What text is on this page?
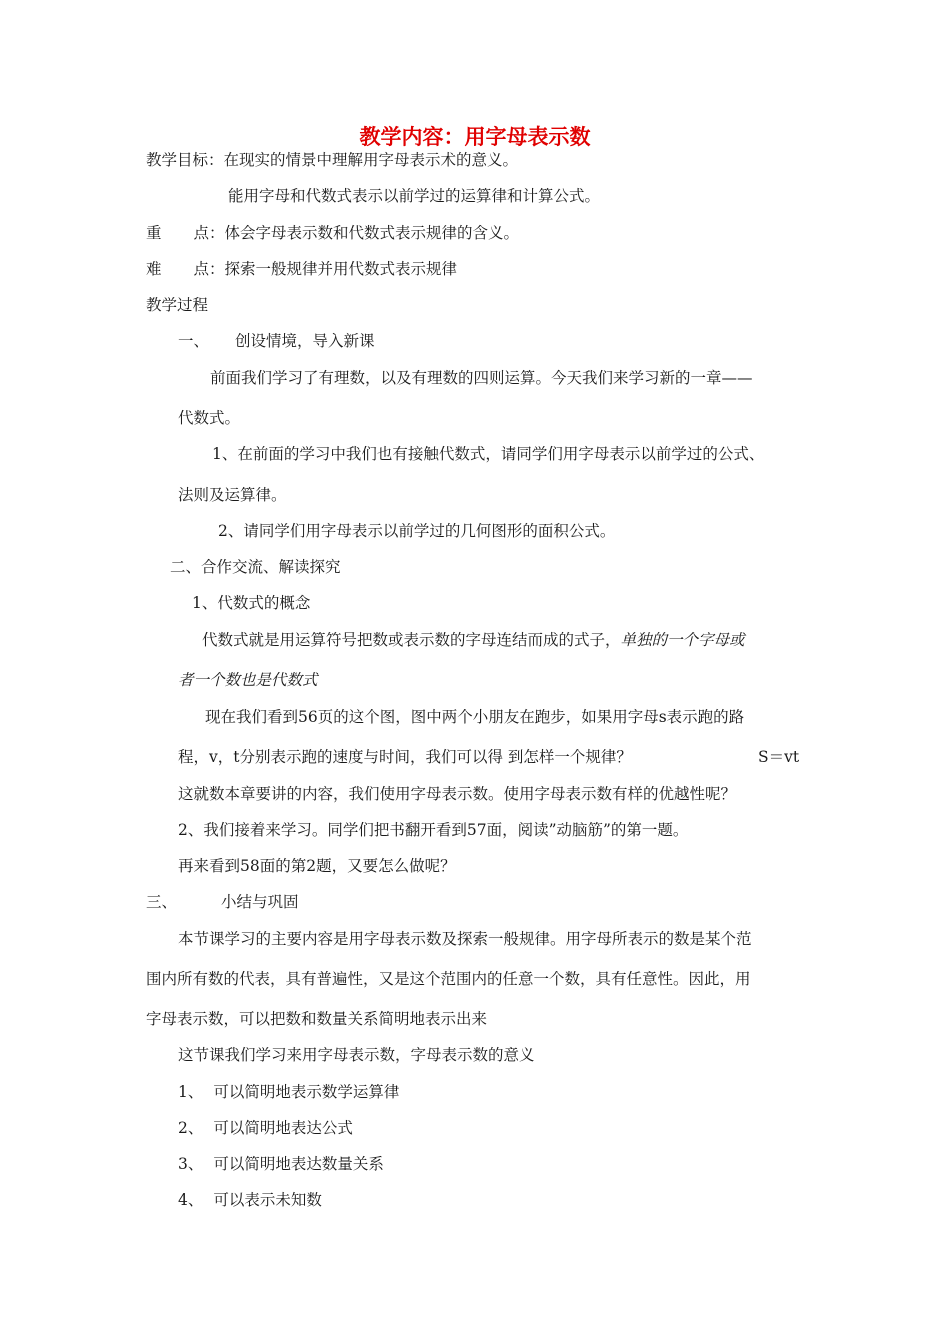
教学内容：用字母表示数
教学目标：在现实的情景中理解用字母表示术的意义。
能用字母和代数式表示以前学过的运算律和计算公式。
重 点：体会字母表示数和代数式表示规律的含义。
难 点：探索一般规律并用代数式表示规律
教学过程
一、 创设情境，导入新课
前面我们学习了有理数，以及有理数的四则运算。今天我们来学习新的一章——
代数式。
1、在前面的学习中我们也有接触代数式，请同学们用字母表示以前学过的公式、
法则及运算律。
2、请同学们用字母表示以前学过的几何图形的面积公式。
二、合作交流、解读探究
1、代数式的概念
代数式就是用运算符号把数或表示数的字母连结而成的式子，单独的一个字母或
者一个数也是代数式
现在我们看到56页的这个图，图中两个小朋友在跑步，如果用字母s表示跑的路
程，v，t分别表示跑的速度与时间，我们可以得 到怎样一个规律？	S＝vt
这就数本章要讲的内容，我们使用字母表示数。使用字母表示数有样的优越性呢？
2、我们接着来学习。同学们把书翻开看到57面，阅读”动脑筋”的第一题。
再来看到58面的第2题，又要怎么做呢？
三、	小结与巩固
本节课学习的主要内容是用字母表示数及探索一般规律。用字母所表示的数是某个范
围内所有数的代表，具有普遍性，又是这个范围内的任意一个数，具有任意性。因此，用
字母表示数，可以把数和数量关系简明地表示出来
这节课我们学习来用字母表示数，字母表示数的意义
1、 可以简明地表示数学运算律
2、 可以简明地表达公式
3、 可以简明地表达数量关系
4、 可以表示未知数
